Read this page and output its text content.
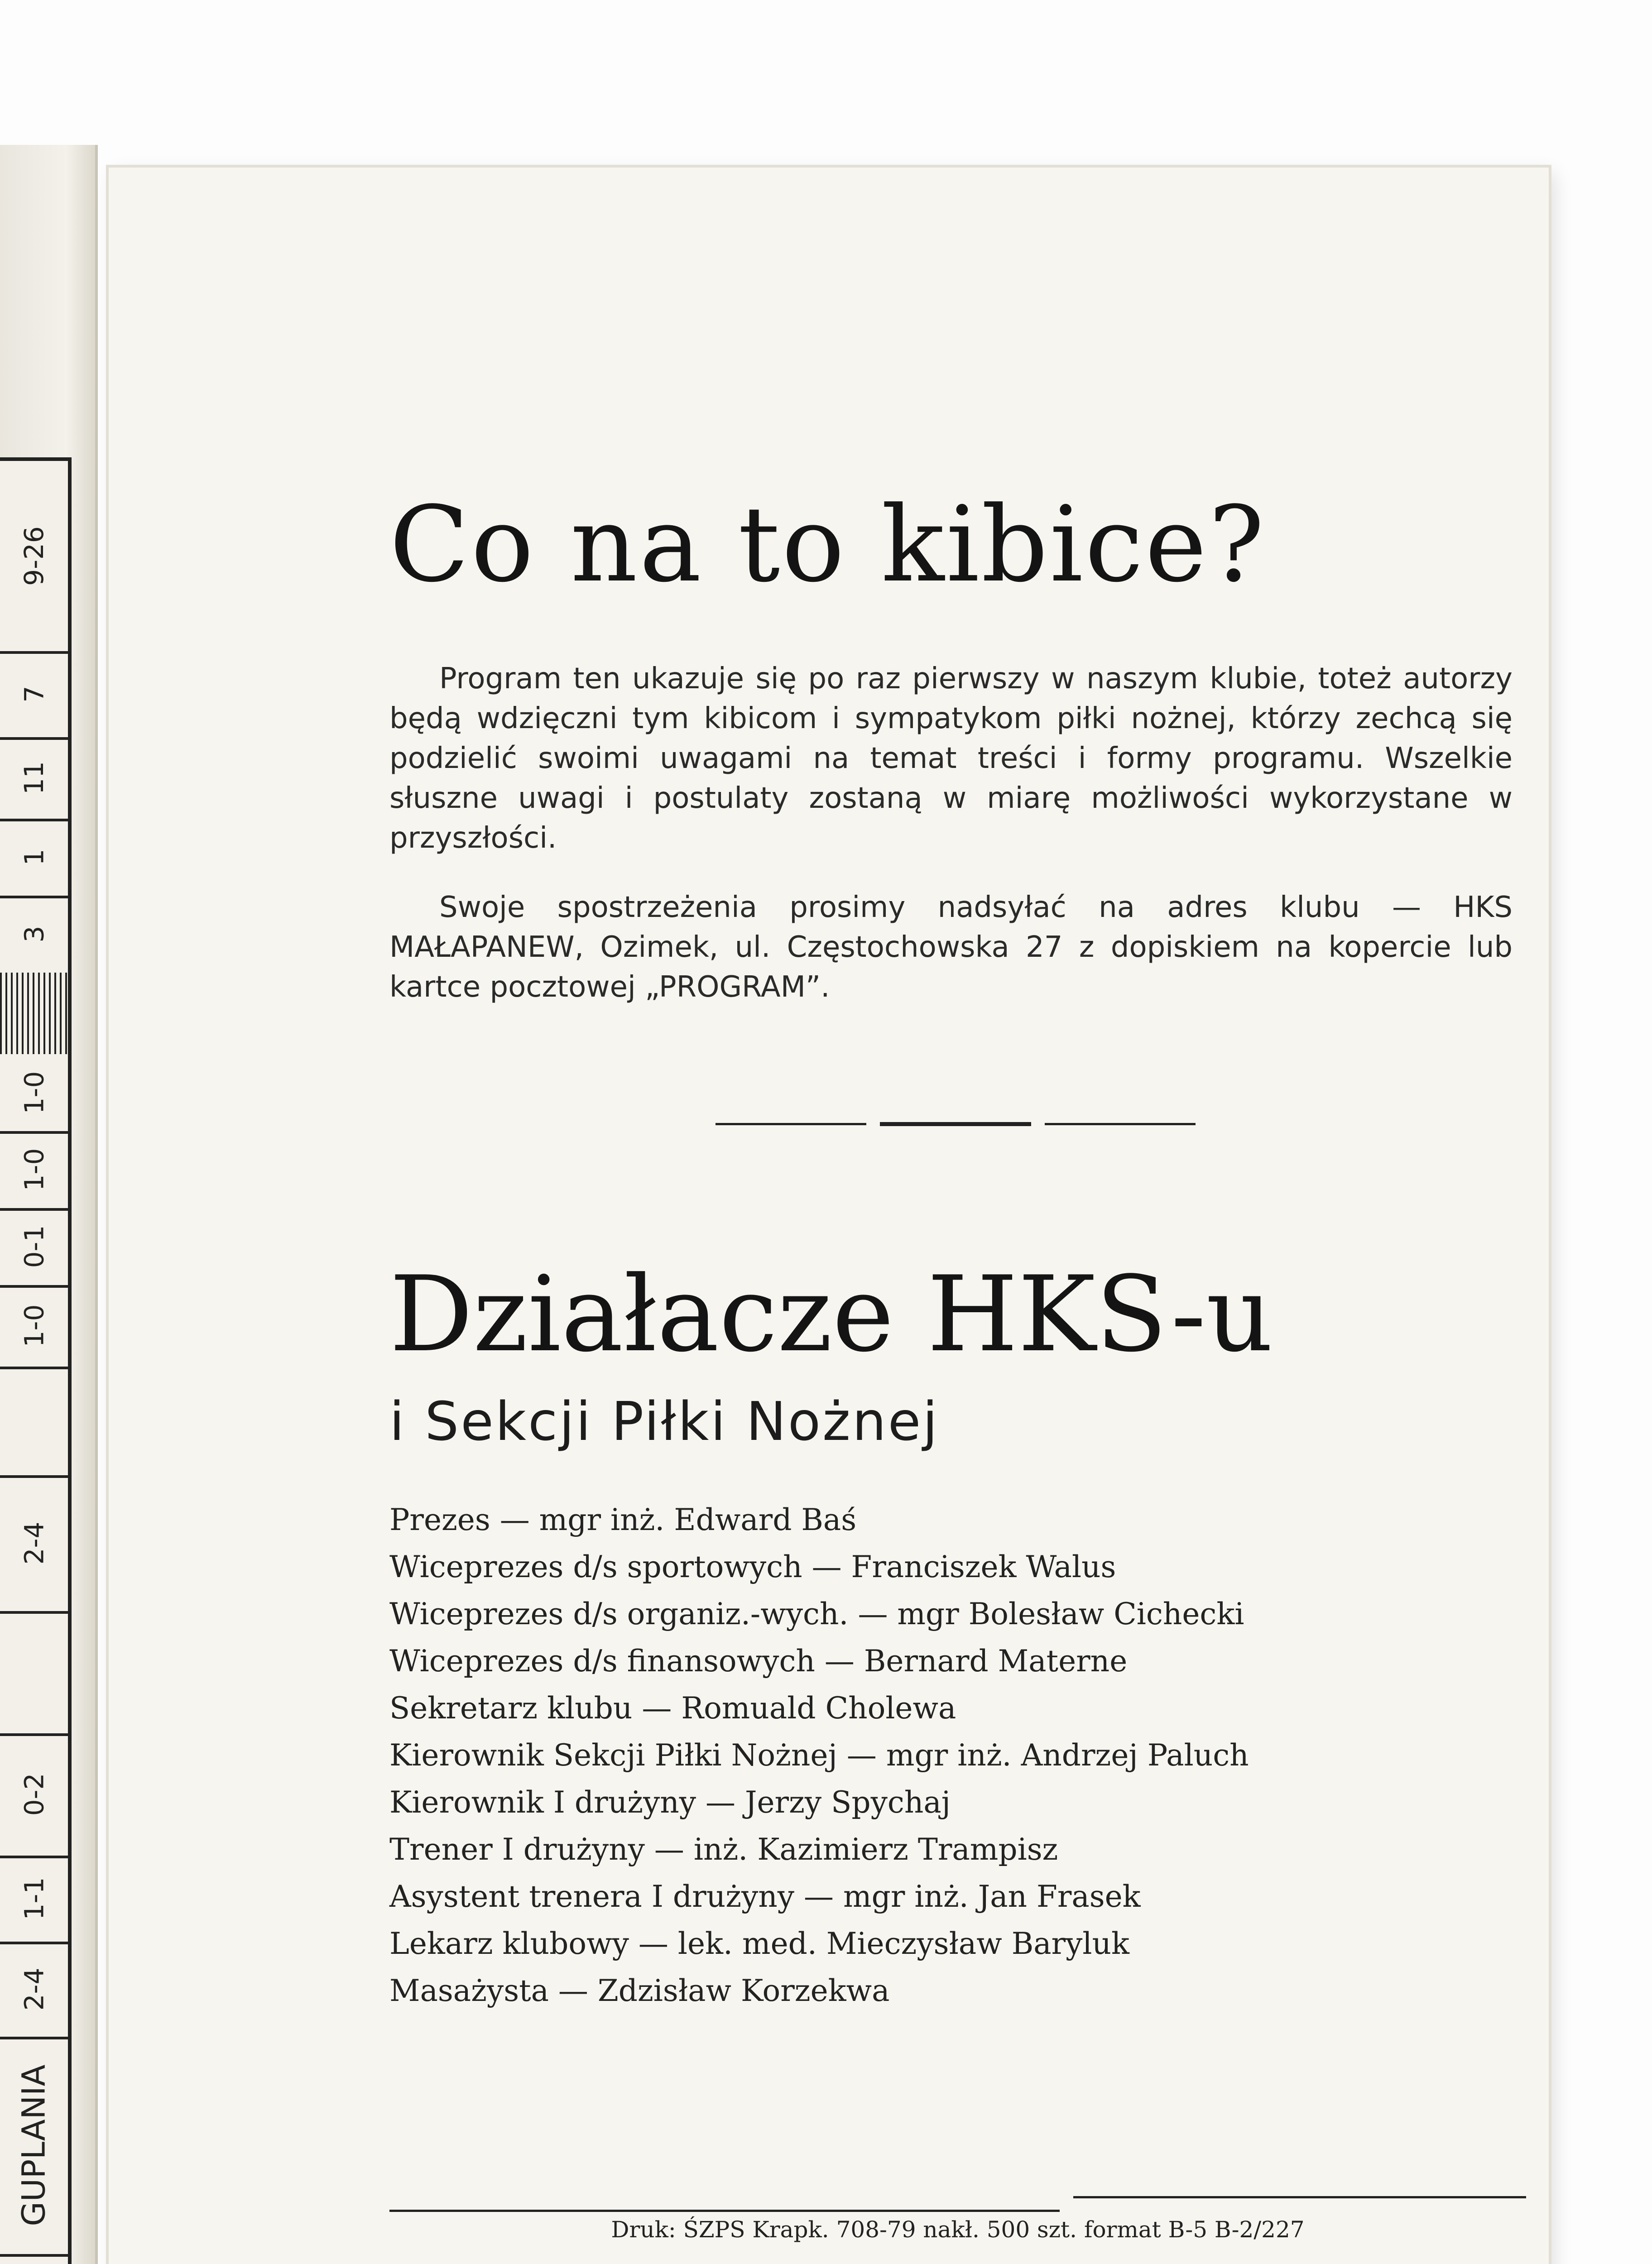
9-26
7
11
1
3
1-0
1-0
0-1
1-0
2-4
0-2
1-1
2-4
GUPLANIA
Co na to kibice?

Program ten ukazuje się po raz pierwszy w naszym klubie, toteż autorzy będą wdzięczni tym kibicom i sympatykom piłki nożnej, którzy zechcą się podzielić swoimi uwagami na temat treści i formy programu. Wszelkie słuszne uwagi i postulaty zostaną w miarę możliwości wykorzystane w przyszłości.

Swoje spostrzeżenia prosimy nadsyłać na adres klubu — HKS MAŁAPANEW, Ozimek, ul. Częstochowska 27 z dopiskiem na kopercie lub kartce pocztowej „PROGRAM”.

Działacze HKS-u
i Sekcji Piłki Nożnej
Prezes — mgr inż. Edward Baś
Wiceprezes d/s sportowych — Franciszek Walus
Wiceprezes d/s organiz.-wych. — mgr Bolesław Cichecki
Wiceprezes d/s finansowych — Bernard Materne
Sekretarz klubu — Romuald Cholewa
Kierownik Sekcji Piłki Nożnej — mgr inż. Andrzej Paluch
Kierownik I drużyny — Jerzy Spychaj
Trener I drużyny — inż. Kazimierz Trampisz
Asystent trenera I drużyny — mgr inż. Jan Frasek
Lekarz klubowy — lek. med. Mieczysław Baryluk
Masażysta — Zdzisław Korzekwa
Druk: ŚZPS Krapk. 708-79 nakł. 500 szt. format B-5 B-2/227
